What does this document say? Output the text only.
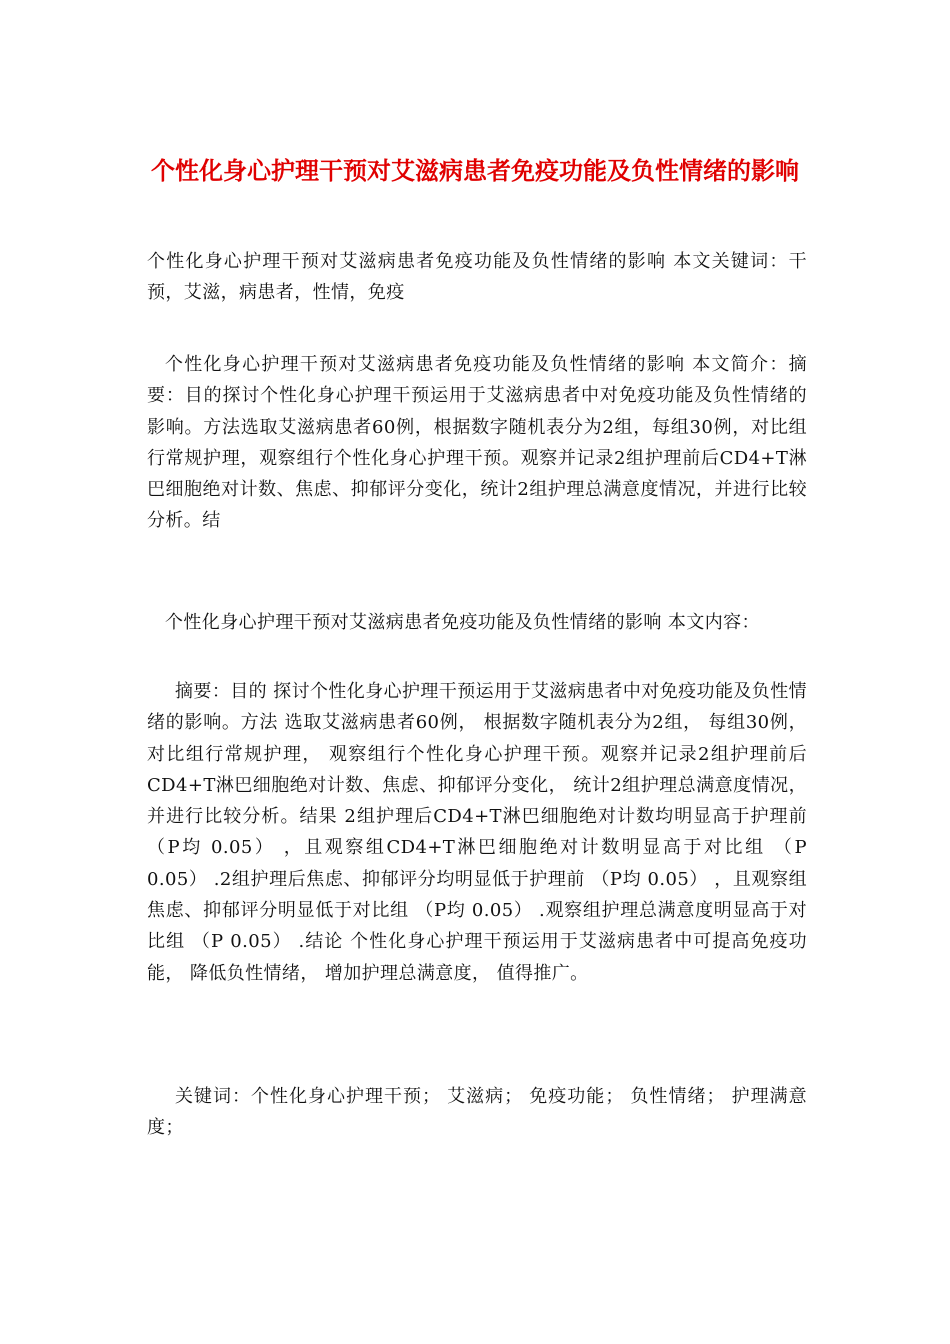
个性化身心护理干预对艾滋病患者免疫功能及负性情绪的影响

个性化身心护理干预对艾滋病患者免疫功能及负性情绪的影响 本文关键词：干预，艾滋，病患者，性情，免疫

个性化身心护理干预对艾滋病患者免疫功能及负性情绪的影响 本文简介：摘要：目的探讨个性化身心护理干预运用于艾滋病患者中对免疫功能及负性情绪的影响。方法选取艾滋病患者60例，根据数字随机表分为2组，每组30例，对比组行常规护理，观察组行个性化身心护理干预。观察并记录2组护理前后CD4+T淋巴细胞绝对计数、焦虑、抑郁评分变化，统计2组护理总满意度情况，并进行比较分析。结

个性化身心护理干预对艾滋病患者免疫功能及负性情绪的影响 本文内容：

摘要：目的 探讨个性化身心护理干预运用于艾滋病患者中对免疫功能及负性情绪的影响。方法 选取艾滋病患者60例， 根据数字随机表分为2组， 每组30例， 对比组行常规护理， 观察组行个性化身心护理干预。观察并记录2组护理前后CD4+T淋巴细胞绝对计数、焦虑、抑郁评分变化， 统计2组护理总满意度情况， 并进行比较分析。结果 2组护理后CD4+T淋巴细胞绝对计数均明显高于护理前 （P均 0.05） ，且观察组CD4+T淋巴细胞绝对计数明显高于对比组 （P 0.05） .2组护理后焦虑、抑郁评分均明显低于护理前 （P均 0.05） ，且观察组焦虑、抑郁评分明显低于对比组 （P均 0.05） .观察组护理总满意度明显高于对比组 （P 0.05） .结论 个性化身心护理干预运用于艾滋病患者中可提高免疫功能， 降低负性情绪， 增加护理总满意度， 值得推广。

关键词：个性化身心护理干预； 艾滋病； 免疫功能； 负性情绪； 护理满意度；
